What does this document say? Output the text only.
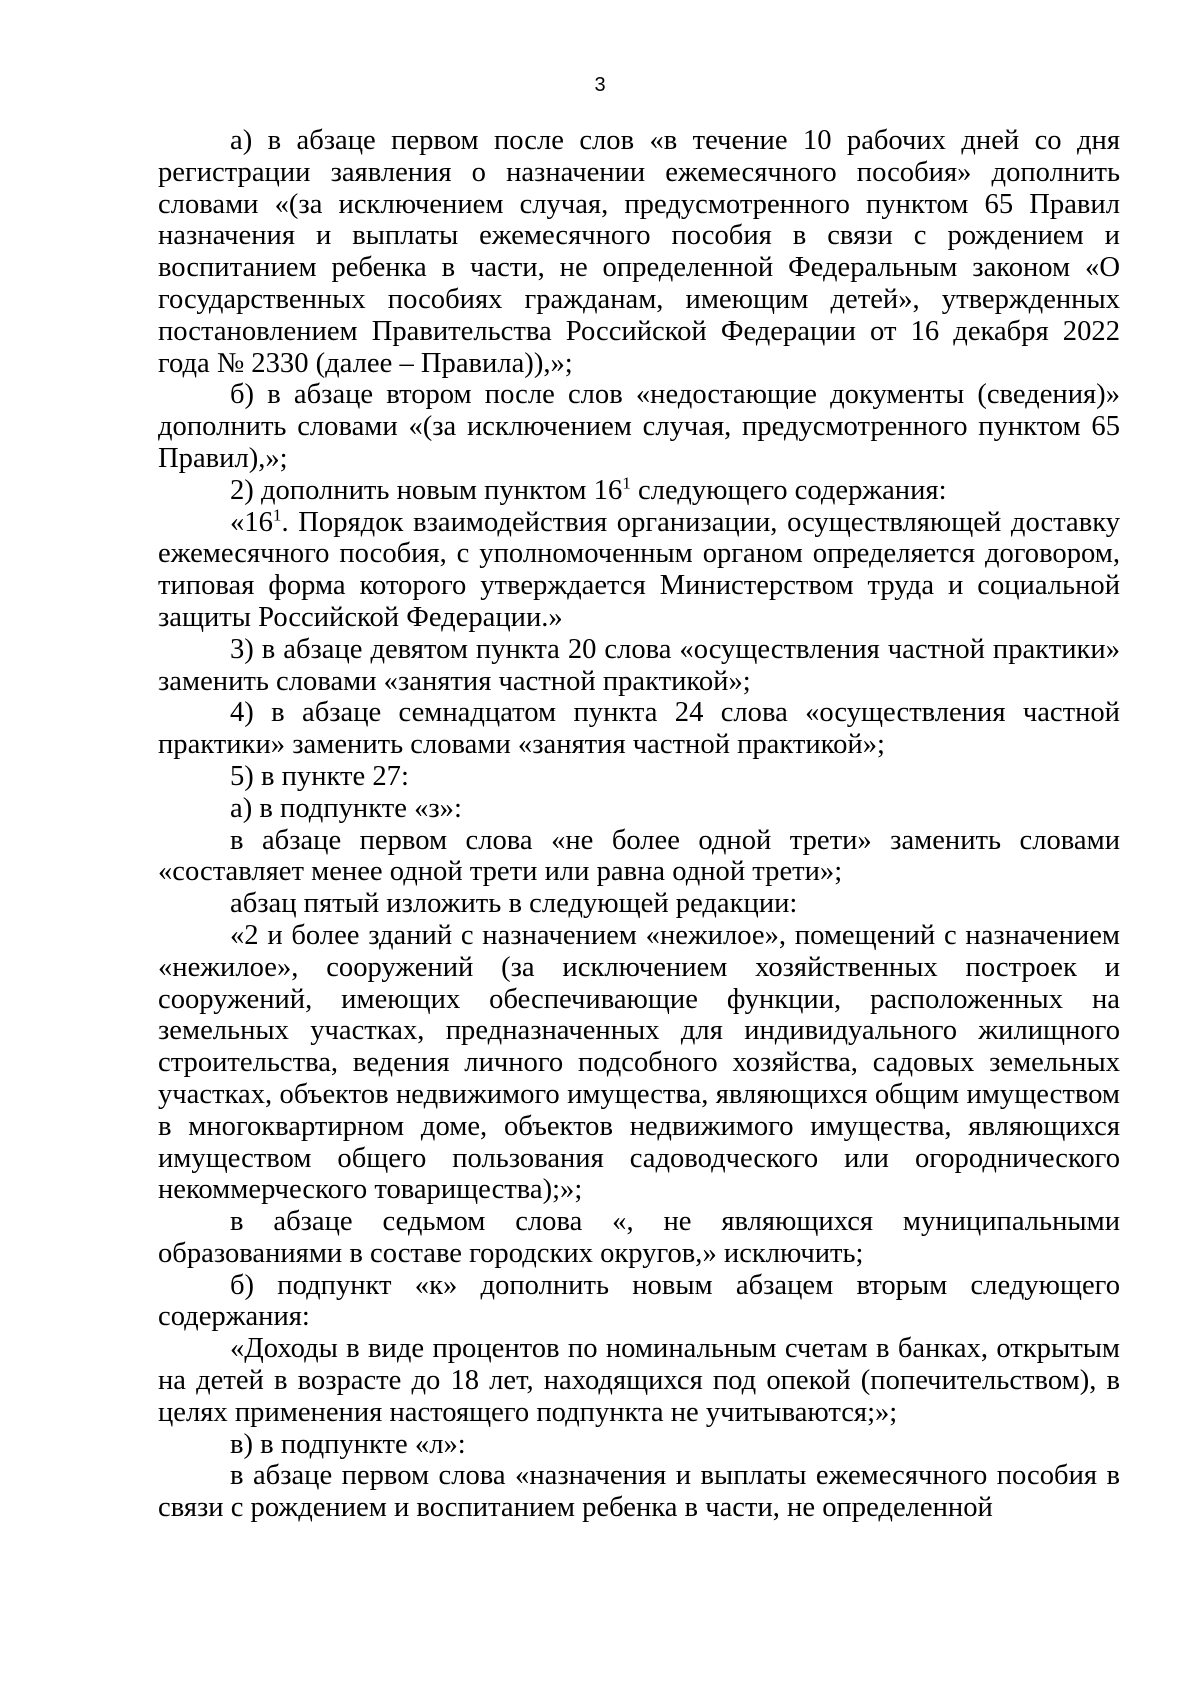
3

а) в абзаце первом после слов «в течение 10 рабочих дней со дня регистрации заявления о назначении ежемесячного пособия» дополнить словами «(за исключением случая, предусмотренного пунктом 65 Правил назначения и выплаты ежемесячного пособия в связи с рождением и воспитанием ребенка в части, не определенной Федеральным законом «О государственных пособиях гражданам, имеющим детей», утвержденных постановлением Правительства Российской Федерации от 16 декабря 2022 года № 2330 (далее – Правила)),»;

б) в абзаце втором после слов «недостающие документы (сведения)» дополнить словами «(за исключением случая, предусмотренного пунктом 65 Правил),»;

2) дополнить новым пунктом $16^1$ следующего содержания:

«$16^1$. Порядок взаимодействия организации, осуществляющей доставку ежемесячного пособия, с уполномоченным органом определяется договором, типовая форма которого утверждается Министерством труда и социальной защиты Российской Федерации.»

3) в абзаце девятом пункта 20 слова «осуществления частной практики» заменить словами «занятия частной практикой»;

4) в абзаце семнадцатом пункта 24 слова «осуществления частной практики» заменить словами «занятия частной практикой»;

5) в пункте 27:

а) в подпункте «з»:

в абзаце первом слова «не более одной трети» заменить словами «составляет менее одной трети или равна одной трети»;

абзац пятый изложить в следующей редакции:

«2 и более зданий с назначением «нежилое», помещений с назначением «нежилое», сооружений (за исключением хозяйственных построек и сооружений, имеющих обеспечивающие функции, расположенных на земельных участках, предназначенных для индивидуального жилищного строительства, ведения личного подсобного хозяйства, садовых земельных участках, объектов недвижимого имущества, являющихся общим имуществом в многоквартирном доме, объектов недвижимого имущества, являющихся имуществом общего пользования садоводческого или огороднического некоммерческого товарищества);»;

в абзаце седьмом слова «, не являющихся муниципальными образованиями в составе городских округов,» исключить;

б) подпункт «к» дополнить новым абзацем вторым следующего содержания:

«Доходы в виде процентов по номинальным счетам в банках, открытым на детей в возрасте до 18 лет, находящихся под опекой (попечительством), в целях применения настоящего подпункта не учитываются;»;

в) в подпункте «л»:

в абзаце первом слова «назначения и выплаты ежемесячного пособия в связи с рождением и воспитанием ребенка в части, не определенной
